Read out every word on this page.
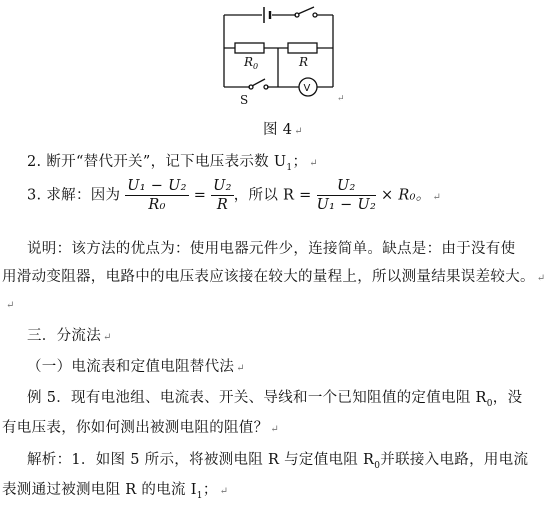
$R_0$	R
S
V
↵
图 4 ↵
2. 断开“替代开关”，记下电压表示数 $U_1$； ↵
3. 求解：因为 $\frac{\text{U₁ − U₂}}{\text{R₀}} = \frac{\text{U₂}}{R}$ ，所以 $R = \frac{\text{U₂}}{\text{U₁ − U₂}} \times R_0$。 ↵
说明：该方法的优点为：使用电器元件少，连接简单。缺点是：由于没有使
用滑动变阻器，电路中的电压表应该接在较大的量程上，所以测量结果误差较大。 ↵
↵
三．分流法 ↵
（一）电流表和定值电阻替代法 ↵
例 5．现有电池组、电流表、开关、导线和一个已知阻值的定值电阻 $R_0$，没
有电压表，你如何测出被测电阻的阻值？ ↵
解析：1．如图 5 所示，将被测电阻 R 与定值电阻 $R_0$并联接入电路，用电流
表测通过被测电阻 R 的电流 $I_1$； ↵
